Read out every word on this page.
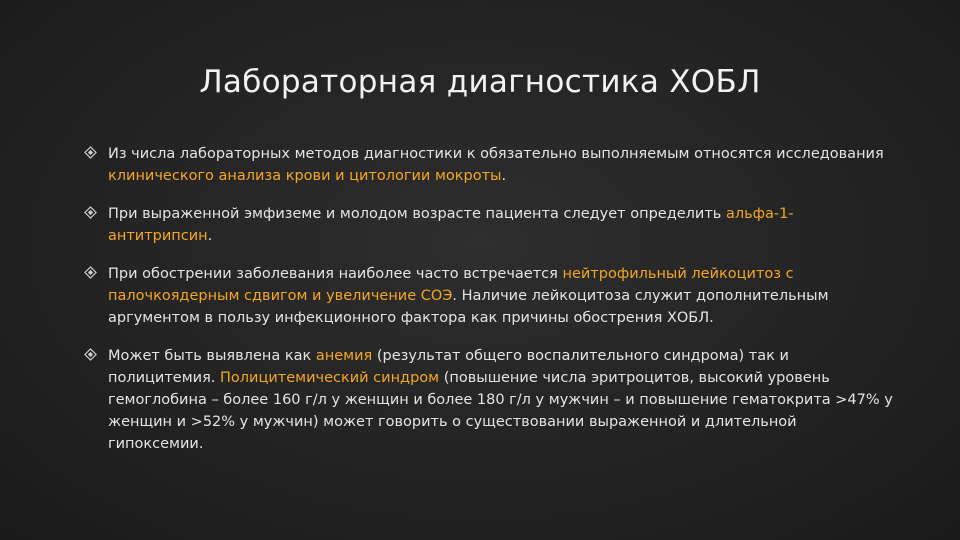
Лабораторная диагностика ХОБЛ
Из числа лабораторных методов диагностики к обязательно выполняемым относятся исследования клинического анализа крови и цитологии мокроты.
При выраженной эмфиземе и молодом возрасте пациента следует определить альфа-1-антитрипсин.
При обострении заболевания наиболее часто встречается нейтрофильный лейкоцитоз с палочкоядерным сдвигом и увеличение СОЭ. Наличие лейкоцитоза служит дополнительным аргументом в пользу инфекционного фактора как причины обострения ХОБЛ.
Может быть выявлена как анемия (результат общего воспалительного синдрома) так и полицитемия. Полицитемический синдром (повышение числа эритроцитов, высокий уровень гемоглобина – более 160 г/л у женщин и более 180 г/л у мужчин – и повышение гематокрита >47% у женщин и >52% у мужчин) может говорить о существовании выраженной и длительной гипоксемии.
